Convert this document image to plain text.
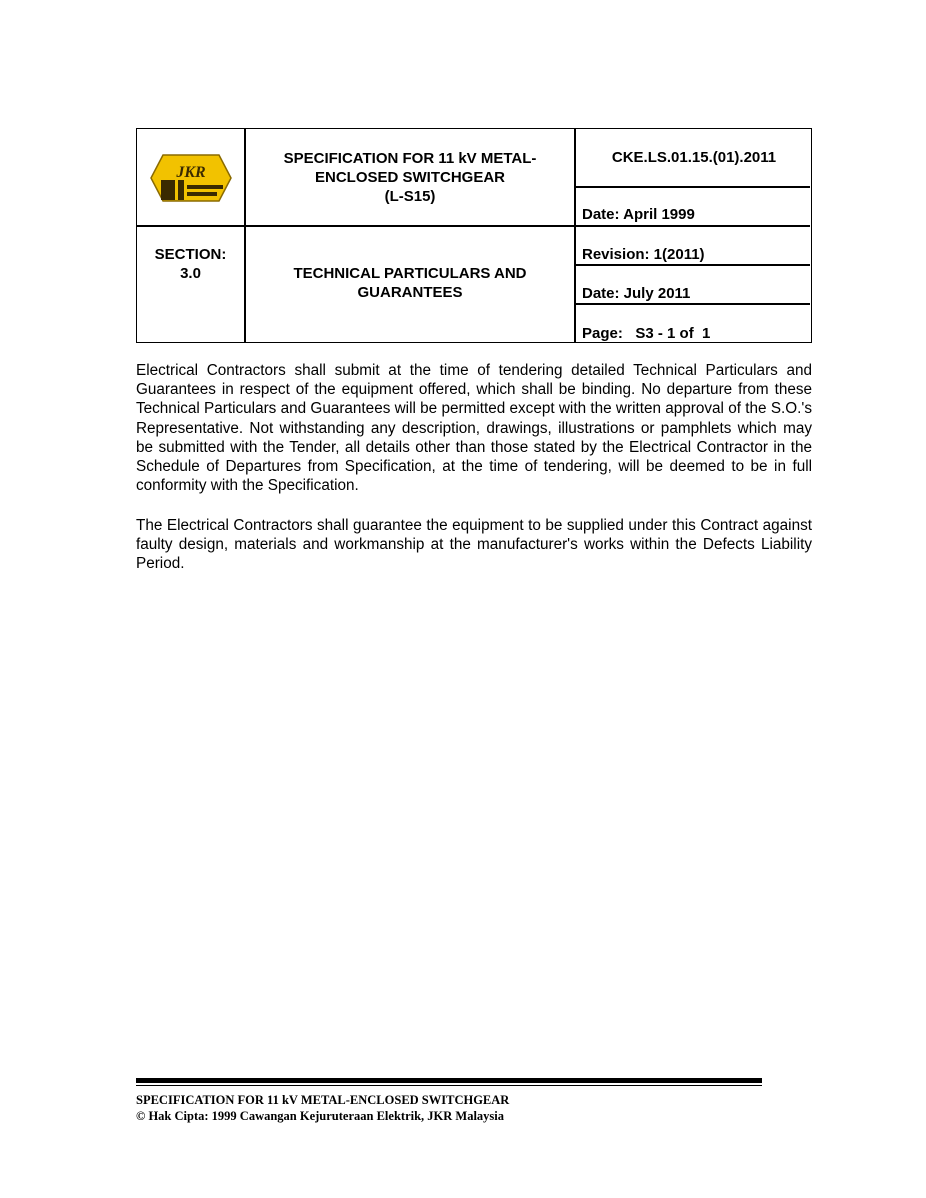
JKR
SPECIFICATION FOR 11 kV METAL-
ENCLOSED SWITCHGEAR
(L-S15)
CKE.LS.01.15.(01).2011
Date: April 1999
Revision: 1(2011)
Date: July 2011
Page:   S3 - 1 of  1
SECTION:
3.0	TECHNICAL PARTICULARS AND
GUARANTEES
Electrical Contractors shall submit at the time of tendering detailed Technical Particulars and Guarantees in respect of the equipment offered, which shall be binding. No departure from these Technical Particulars and Guarantees will be permitted except with the written approval of the S.O.'s Representative. Not withstanding any description, drawings, illustrations or pamphlets which may be submitted with the Tender, all details other than those stated by the Electrical Contractor in the Schedule of Departures from Specification, at the time of tendering, will be deemed to be in full conformity with the Specification.
The Electrical Contractors shall guarantee the equipment to be supplied under this Contract against faulty design, materials and workmanship at the manufacturer's works within the Defects Liability Period.
SPECIFICATION FOR 11 kV METAL-ENCLOSED SWITCHGEAR
© Hak Cipta: 1999 Cawangan Kejuruteraan Elektrik, JKR Malaysia
